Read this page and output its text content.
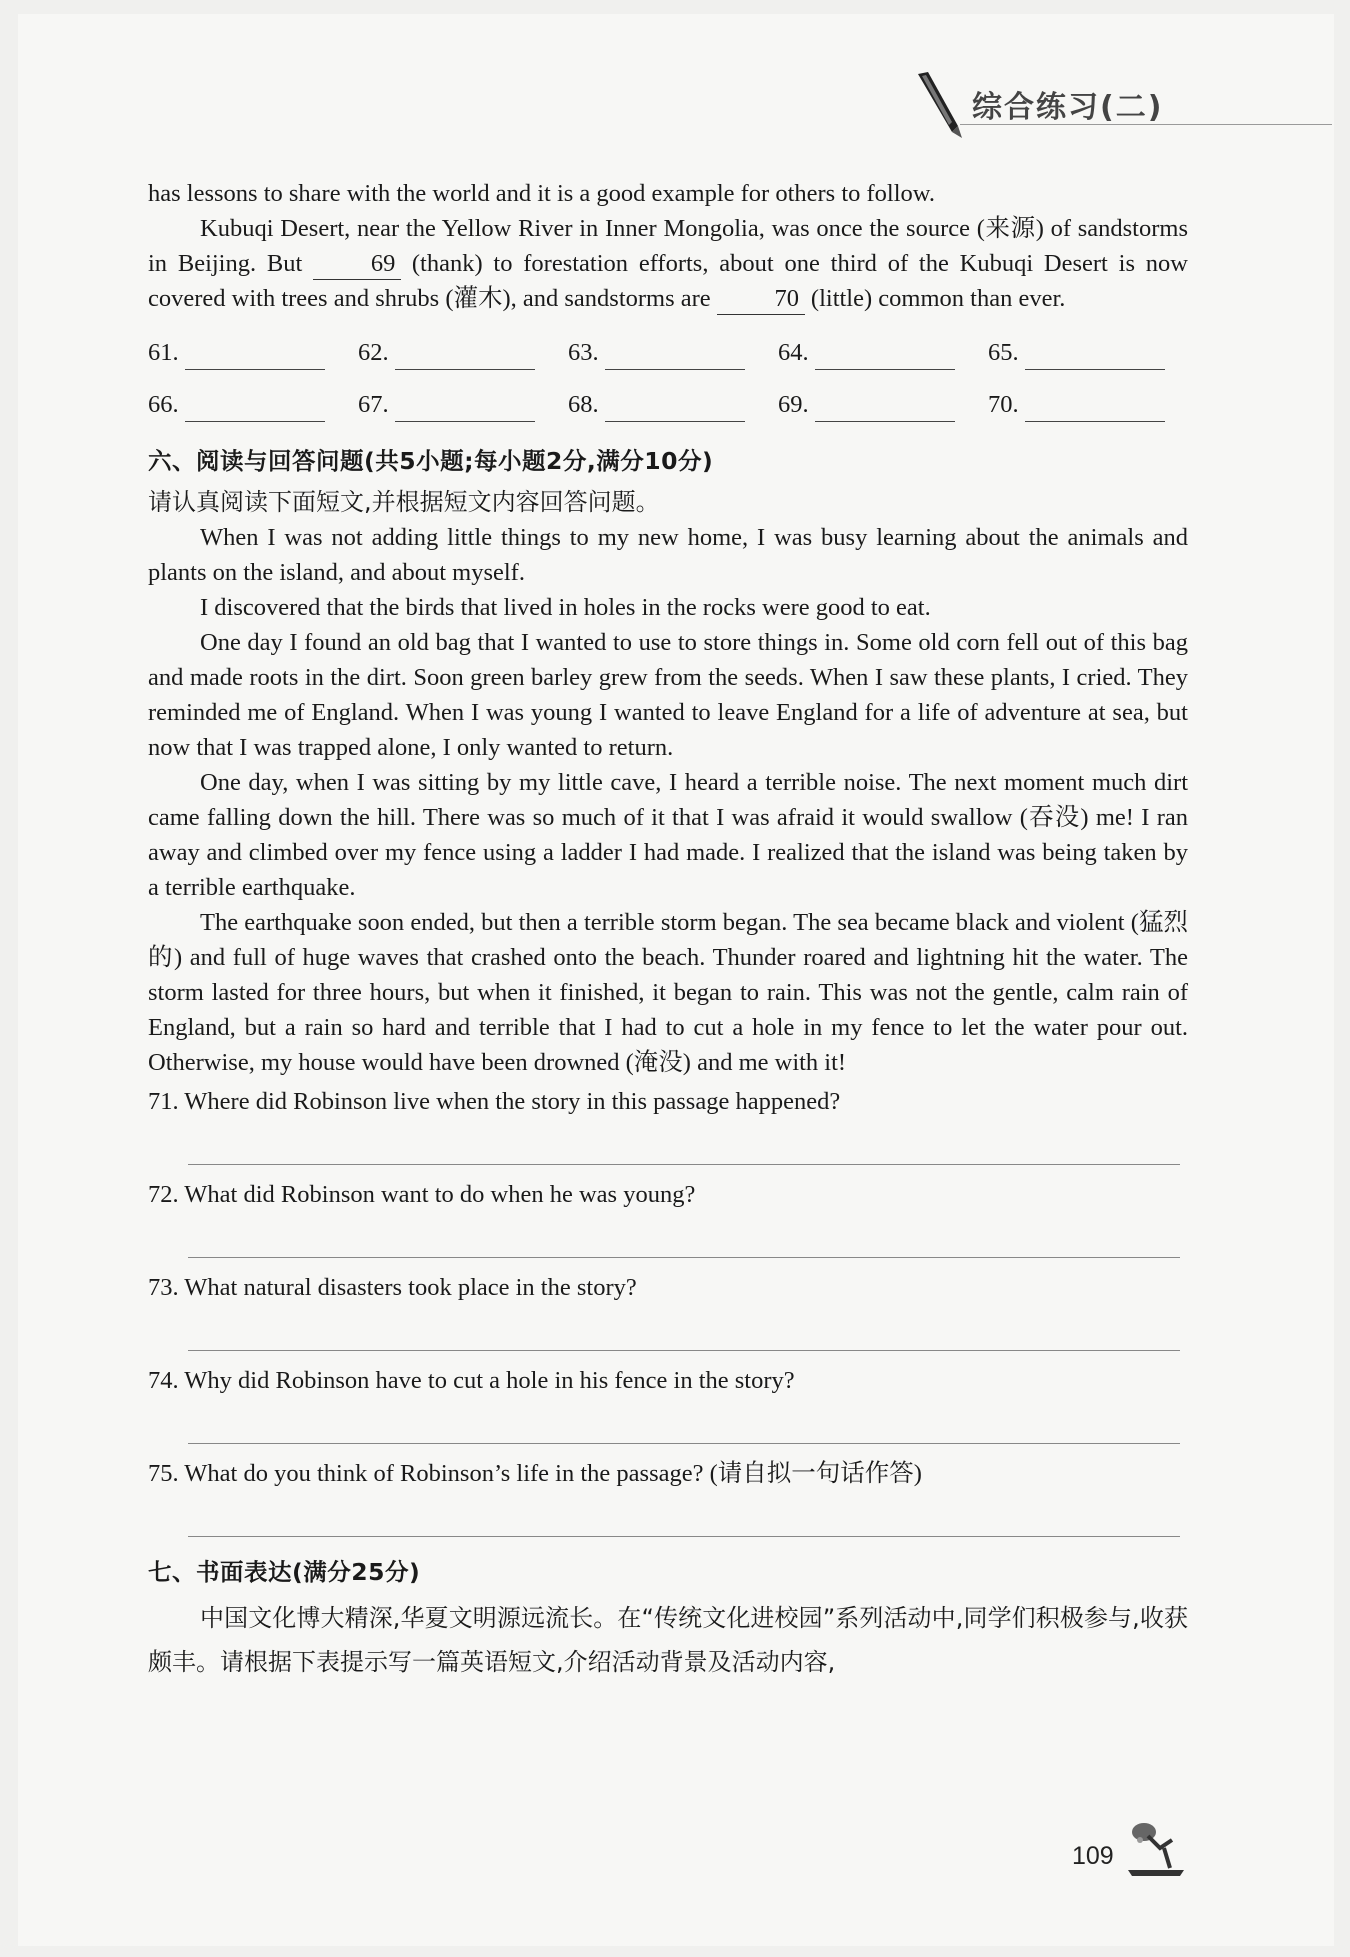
综合练习(二)

has lessons to share with the world and it is a good example for others to follow.

Kubuqi Desert, near the Yellow River in Inner Mongolia, was once the source (来源) of sandstorms in Beijing. But 69 (thank) to forestation efforts, about one third of the Kubuqi Desert is now covered with trees and shrubs (灌木), and sandstorms are 70 (little) common than ever.

61.	62.	63.	64.	65.
66.	67.	68.	69.	70.
六、阅读与回答问题(共5小题;每小题2分,满分10分)

请认真阅读下面短文,并根据短文内容回答问题。

When I was not adding little things to my new home, I was busy learning about the animals and plants on the island, and about myself.

I discovered that the birds that lived in holes in the rocks were good to eat.

One day I found an old bag that I wanted to use to store things in. Some old corn fell out of this bag and made roots in the dirt. Soon green barley grew from the seeds. When I saw these plants, I cried. They reminded me of England. When I was young I wanted to leave England for a life of adventure at sea, but now that I was trapped alone, I only wanted to return.

One day, when I was sitting by my little cave, I heard a terrible noise. The next moment much dirt came falling down the hill. There was so much of it that I was afraid it would swallow (吞没) me! I ran away and climbed over my fence using a ladder I had made. I realized that the island was being taken by a terrible earthquake.

The earthquake soon ended, but then a terrible storm began. The sea became black and violent (猛烈的) and full of huge waves that crashed onto the beach. Thunder roared and lightning hit the water. The storm lasted for three hours, but when it finished, it began to rain. This was not the gentle, calm rain of England, but a rain so hard and terrible that I had to cut a hole in my fence to let the water pour out. Otherwise, my house would have been drowned (淹没) and me with it!

71. Where did Robinson live when the story in this passage happened?

72. What did Robinson want to do when he was young?

73. What natural disasters took place in the story?

74. Why did Robinson have to cut a hole in his fence in the story?

75. What do you think of Robinson’s life in the passage? (请自拟一句话作答)

七、书面表达(满分25分)

中国文化博大精深,华夏文明源远流长。在“传统文化进校园”系列活动中,同学们积极参与,收获颇丰。请根据下表提示写一篇英语短文,介绍活动背景及活动内容,

109
